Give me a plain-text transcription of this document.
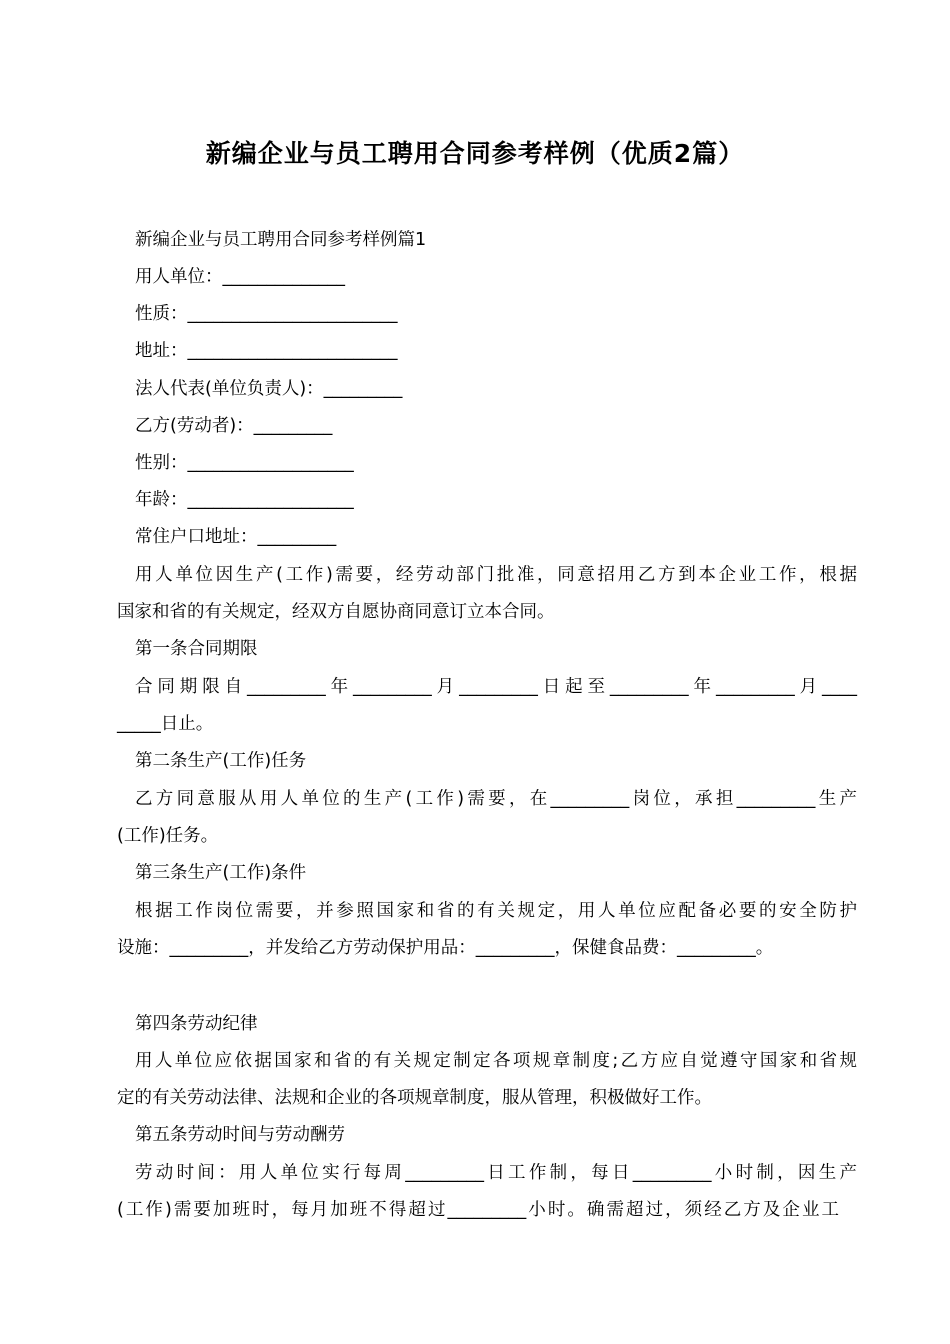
新编企业与员工聘用合同参考样例（优质2篇）
新编企业与员工聘用合同参考样例篇1
用人单位：______________
性质：________________________
地址：________________________
法人代表(单位负责人)：_________
乙方(劳动者)：_________
性别：___________________
年龄：___________________
常住户口地址：_________
用人单位因生产(工作)需要，经劳动部门批准，同意招用乙方到本企业工作，根据
国家和省的有关规定，经双方自愿协商同意订立本合同。
第一条合同期限
合同期限自_________年_________月_________日起至_________年_________月____
_____日止。
第二条生产(工作)任务
乙方同意服从用人单位的生产(工作)需要，在_________岗位，承担_________生产
(工作)任务。
第三条生产(工作)条件
根据工作岗位需要，并参照国家和省的有关规定，用人单位应配备必要的安全防护
设施：_________，并发给乙方劳动保护用品：_________，保健食品费：_________。
第四条劳动纪律
用人单位应依据国家和省的有关规定制定各项规章制度;乙方应自觉遵守国家和省规
定的有关劳动法律、法规和企业的各项规章制度，服从管理，积极做好工作。
第五条劳动时间与劳动酬劳
劳动时间：用人单位实行每周_________日工作制，每日_________小时制，因生产
(工作)需要加班时，每月加班不得超过_________小时。确需超过，须经乙方及企业工
